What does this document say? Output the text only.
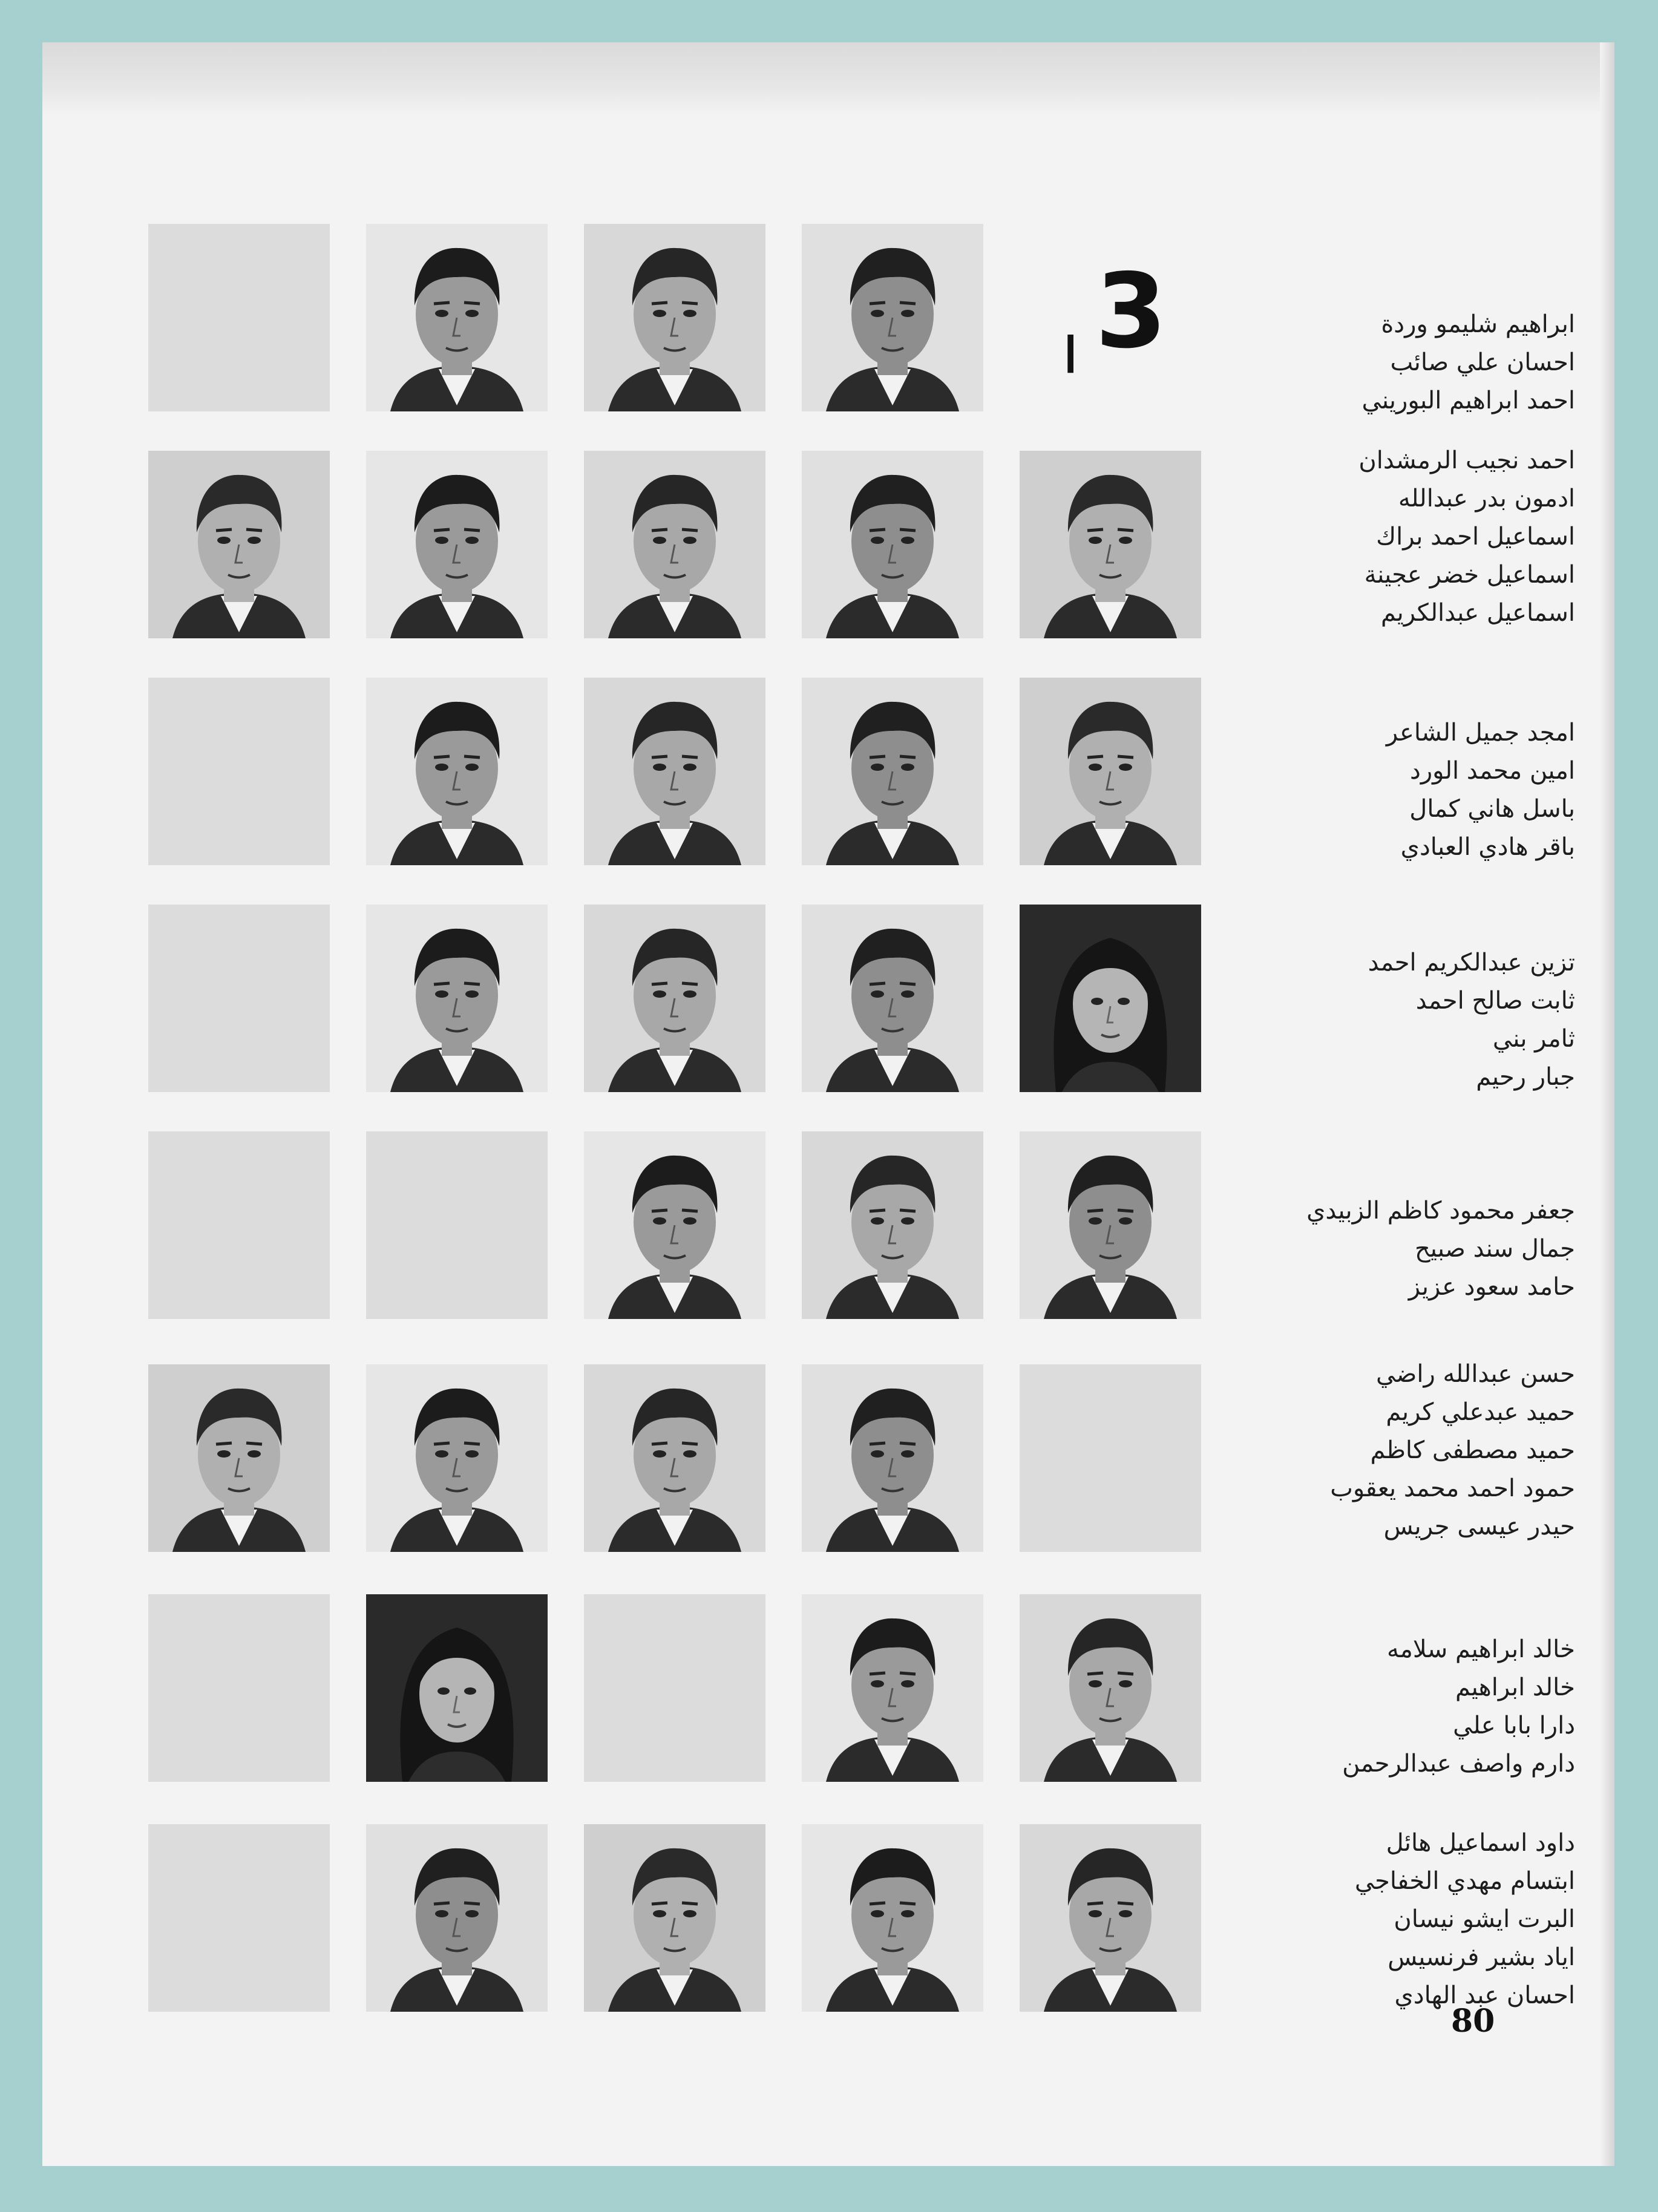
3
ا
ابراهيم شليمو وردة
احسان علي صائب
احمد ابراهيم البوريني
احمد نجيب الرمشدان
ادمون بدر عبدالله
اسماعيل احمد براك
اسماعيل خضر عجينة
اسماعيل عبدالكريم
امجد جميل الشاعر
امين محمد الورد
باسل هاني كمال
باقر هادي العبادي
تزين عبدالكريم احمد
ثابت صالح احمد
ثامر بني
جبار رحيم
جعفر محمود كاظم الزبيدي
جمال سند صبيح
حامد سعود عزيز
حسن عبدالله راضي
حميد عبدعلي كريم
حميد مصطفى كاظم
حمود احمد محمد يعقوب
حيدر عيسى جريس
خالد ابراهيم سلامه
خالد ابراهيم
دارا بابا علي
دارم واصف عبدالرحمن
داود اسماعيل هائل
ابتسام مهدي الخفاجي
البرت ايشو نيسان
اياد بشير فرنسيس
احسان عبد الهادي
80
